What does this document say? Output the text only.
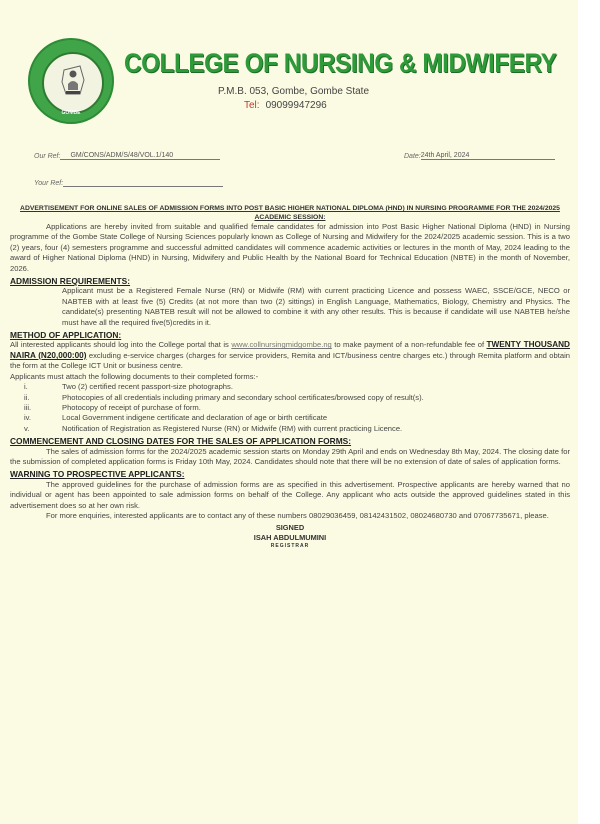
GOMBE
COLLEGE OF NURSING & MIDWIFERY
P.M.B. 053, Gombe, Gombe State
Tel: 09099947296
Our Ref: GM/CONS/ADM/S/48/VOL.1/140
Your Ref:
Date:24th April, 2024
ADVERTISEMENT FOR ONLINE SALES OF ADMISSION FORMS INTO POST BASIC HIGHER NATIONAL DIPLOMA (HND) IN NURSING PROGRAMME FOR THE 2024/2025 ACADEMIC SESSION:

Applications are hereby invited from suitable and qualified female candidates for admission into Post Basic Higher National Diploma (HND) in Nursing programme of the Gombe State College of Nursing Sciences popularly known as College of Nursing and Midwifery for the 2024/2025 academic session. This is a two (2) years, four (4) semesters programme and successful admitted candidates will commence academic activities or lectures in the month of May, 2024 leading to the award of Higher National Diploma (HND) in Nursing, Midwifery and Public Health by the National Board for Technical Education (NBTE) in the month of November, 2026.

ADMISSION REQUIREMENTS:

Applicant must be a Registered Female Nurse (RN) or Midwife (RM) with current practicing Licence and possess WAEC, SSCE/GCE, NECO or NABTEB with at least five (5) Credits (at not more than two (2) sittings) in English Language, Mathematics, Biology, Chemistry and Physics. The candidate(s) presenting NABTEB result will not be allowed to combine it with any other results. This is because if candidate will use NABTEB he/she must have all the required five(5)credits in it.

METHOD OF APPLICATION:

All interested applicants should log into the College portal that is www.collnursingmidgombe.ng to make payment of a non-refundable fee of TWENTY THOUSAND NAIRA (N20,000:00) excluding e-service charges (charges for service providers, Remita and ICT/business centre charges etc.) through Remita platform and obtain the form at the College ICT Unit or business centre.

Applicants must attach the following documents to their completed forms:-

i.	Two (2) certified recent passport-size photographs.
ii.	Photocopies of all credentials including primary and secondary school certificates/browsed copy of result(s).
iii.	Photocopy of receipt of purchase of form.
iv.	Local Government indigene certificate and declaration of age or birth certificate
v.	Notification of Registration as Registered Nurse (RN) or Midwife (RM) with current practicing Licence.
COMMENCEMENT AND CLOSING DATES FOR THE SALES OF APPLICATION FORMS:

The sales of admission forms for the 2024/2025 academic session starts on Monday 29th April and ends on Wednesday 8th May, 2024. The closing date for the submission of completed application forms is Friday 10th May, 2024. Candidates should note that there will be no extension of date of sales of application forms.

WARNING TO PROSPECTIVE APPLICANTS:

The approved guidelines for the purchase of admission forms are as specified in this advertisement. Prospective applicants are hereby warned that no individual or agent has been appointed to sale admission forms on behalf of the College. Any applicant who acts outside the approved guidelines stated in this advertisement does so at her own risk.

For more enquiries, interested applicants are to contact any of these numbers 08029036459, 08142431502, 08024680730 and 07067735671, please.

SIGNED
ISAH ABDULMUMINI
REGISTRAR
